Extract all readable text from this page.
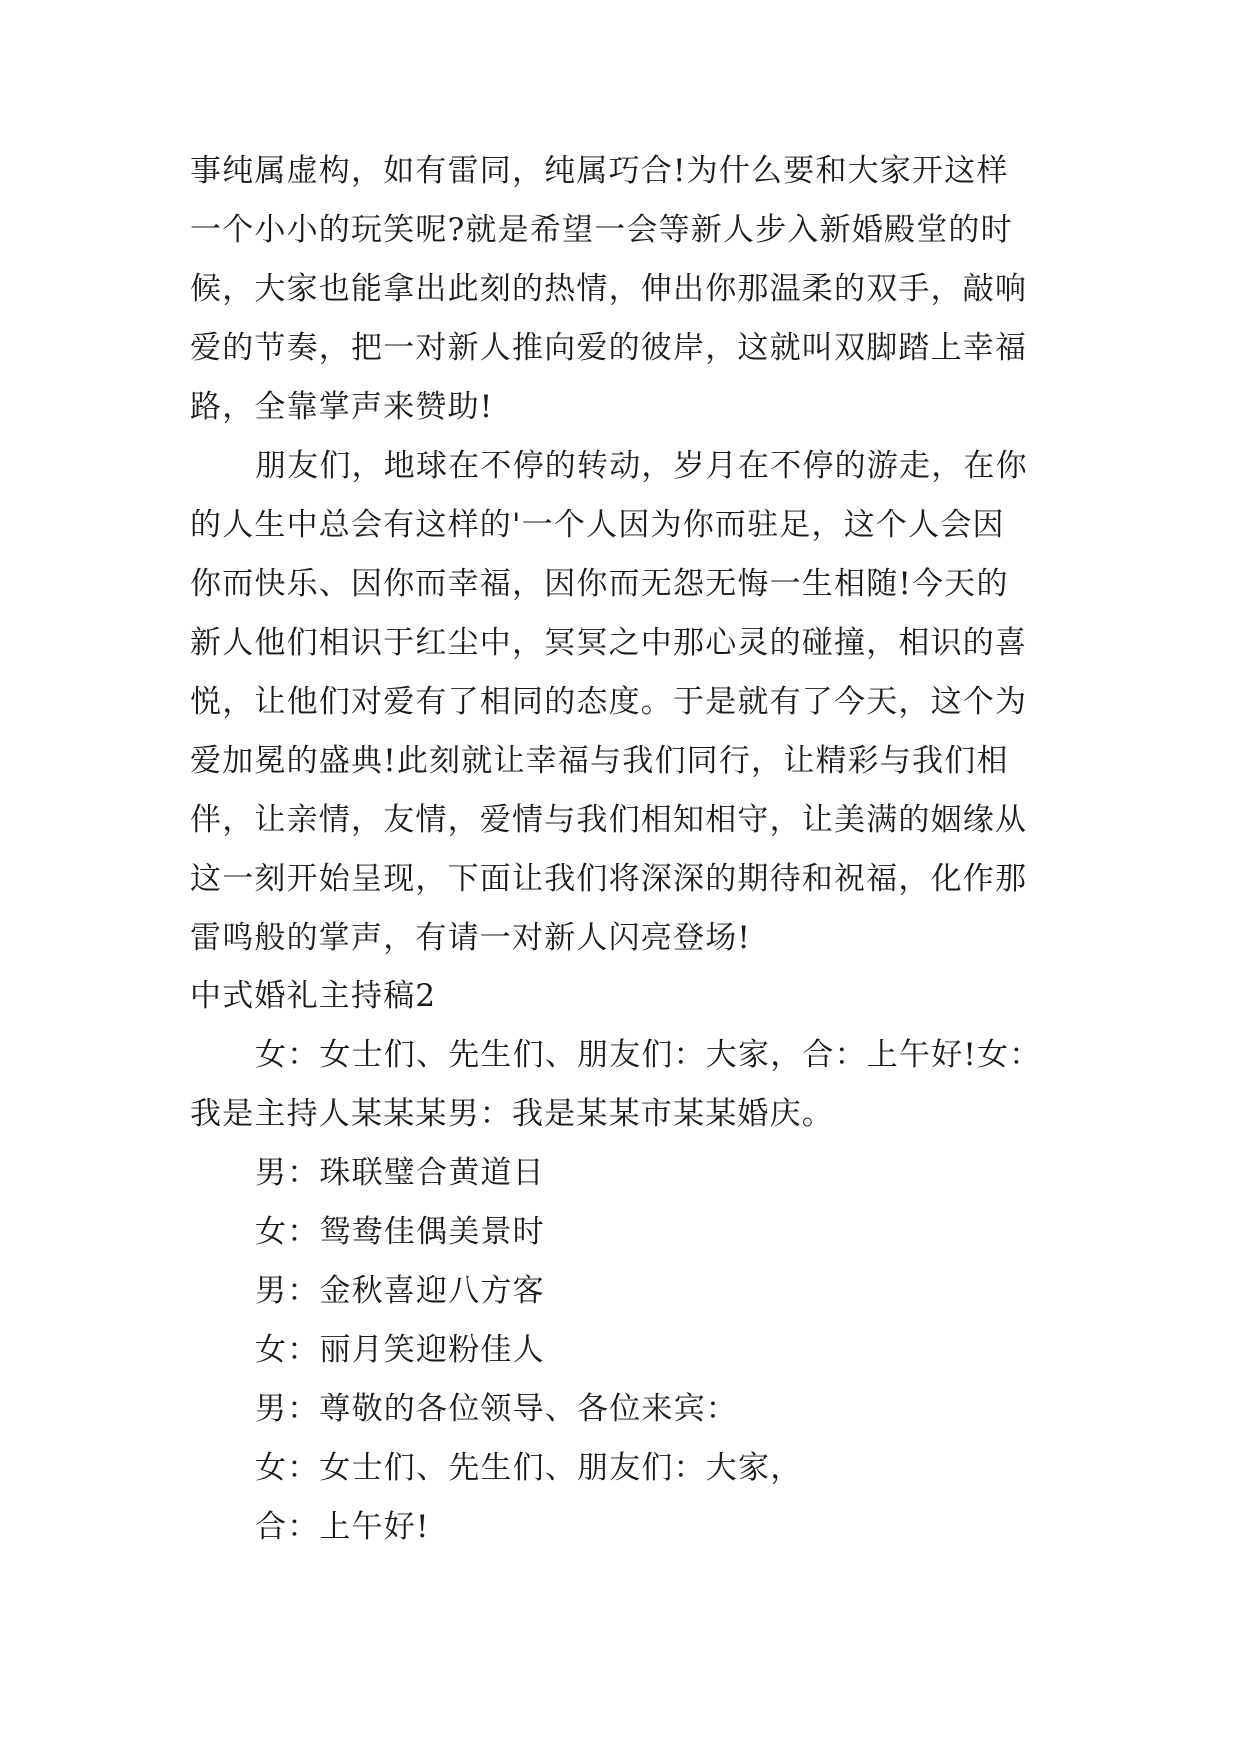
事纯属虚构，如有雷同，纯属巧合!为什么要和大家开这样
一个小小的玩笑呢?就是希望一会等新人步入新婚殿堂的时
候，大家也能拿出此刻的热情，伸出你那温柔的双手，敲响
爱的节奏，把一对新人推向爱的彼岸，这就叫双脚踏上幸福
路，全靠掌声来赞助!
朋友们，地球在不停的转动，岁月在不停的游走，在你
的人生中总会有这样的'一个人因为你而驻足，这个人会因
你而快乐、因你而幸福，因你而无怨无悔一生相随!今天的
新人他们相识于红尘中，冥冥之中那心灵的碰撞，相识的喜
悦，让他们对爱有了相同的态度。于是就有了今天，这个为
爱加冕的盛典!此刻就让幸福与我们同行，让精彩与我们相
伴，让亲情，友情，爱情与我们相知相守，让美满的姻缘从
这一刻开始呈现，下面让我们将深深的期待和祝福，化作那
雷鸣般的掌声，有请一对新人闪亮登场!
中式婚礼主持稿2
女：女士们、先生们、朋友们：大家，合：上午好!女：
我是主持人某某某男：我是某某市某某婚庆。
男：珠联璧合黄道日
女：鸳鸯佳偶美景时
男：金秋喜迎八方客
女：丽月笑迎粉佳人
男：尊敬的各位领导、各位来宾：
女：女士们、先生们、朋友们：大家，
合：上午好!
